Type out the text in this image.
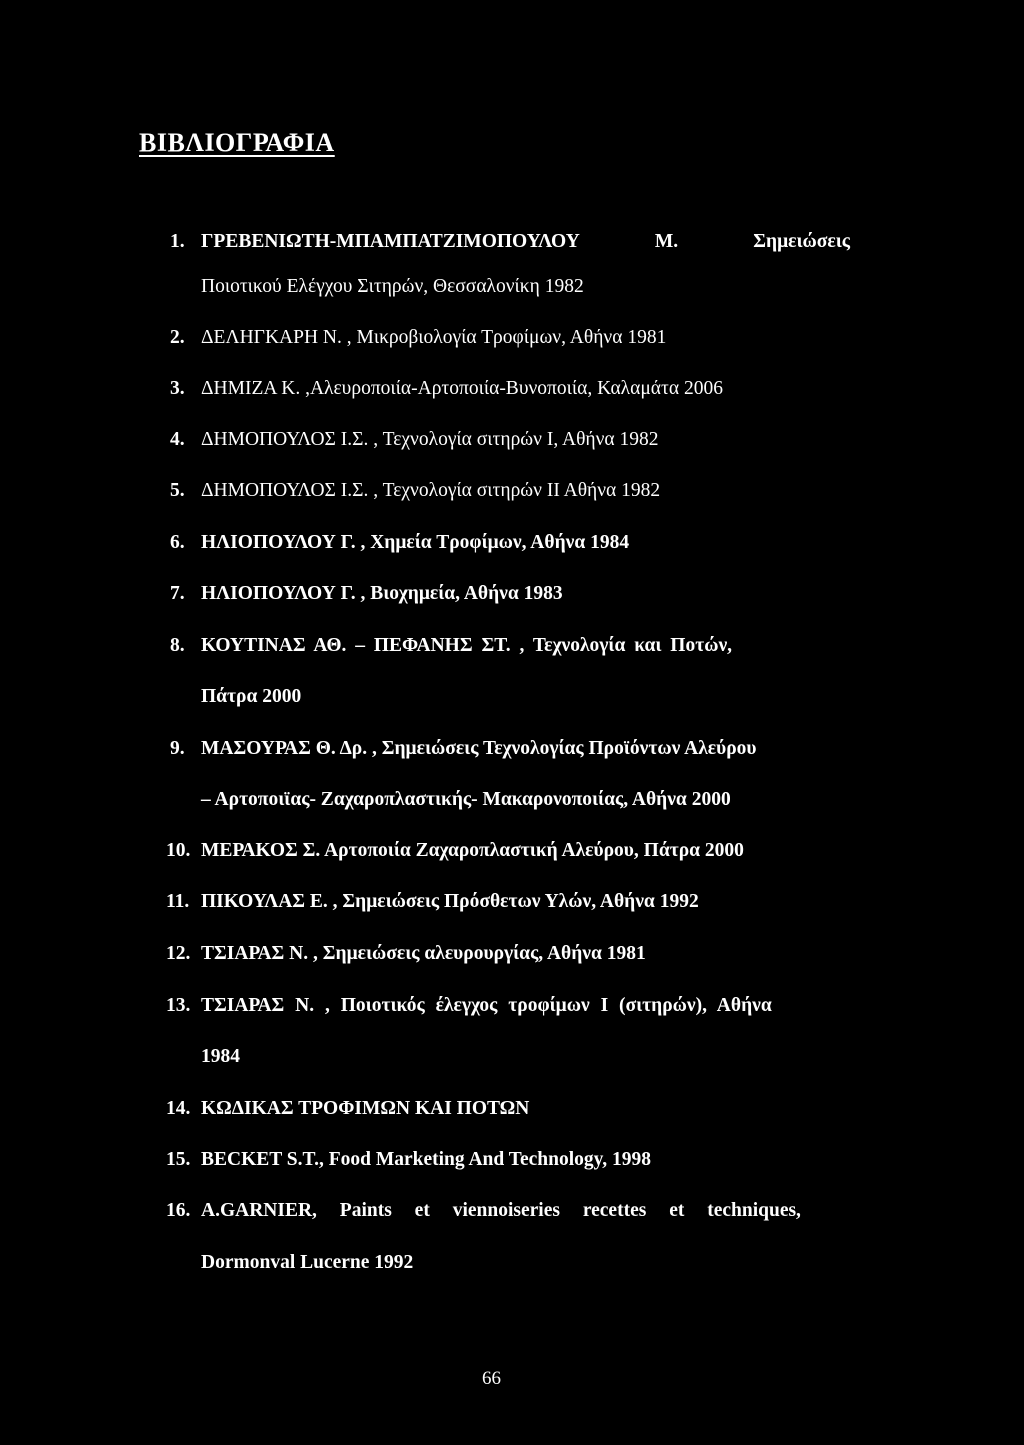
ΒΙΒΛΙΟΓΡΑΦΙΑ
1. ΓΡΕΒΕΝΙΩΤΗ-ΜΠΑΜΠΑΤΖΙΜΟΠΟΥΛΟΥ	Μ.	Σημειώσεις
Ποιοτικού Ελέγχου Σιτηρών, Θεσσαλονίκη 1982
2. ΔΕΛΗΓΚΑΡΗ Ν. , Μικροβιολογία Τροφίμων, Αθήνα 1981
3. ΔΗΜΙΖΑ Κ. ,Αλευροποιία-Αρτοποιία-Βυνοποιία, Καλαμάτα 2006
4. ΔΗΜΟΠΟΥΛΟΣ Ι.Σ. , Τεχνολογία σιτηρών Ι, Αθήνα 1982
5. ΔΗΜΟΠΟΥΛΟΣ Ι.Σ. , Τεχνολογία σιτηρών ΙΙ Αθήνα 1982
6. ΗΛΙΟΠΟΥΛΟΥ Γ. , Χημεία Τροφίμων, Αθήνα 1984
7. ΗΛΙΟΠΟΥΛΟΥ Γ. , Βιοχημεία, Αθήνα 1983
8. ΚΟΥΤΙΝΑΣ ΑΘ. – ΠΕΦΑΝΗΣ ΣΤ. , Τεχνολογία και Ποτών,
Πάτρα 2000
9. ΜΑΣΟΥΡΑΣ Θ. Δρ. , Σημειώσεις Τεχνολογίας Προϊόντων Αλεύρου
– Αρτοποιϊας- Ζαχαροπλαστικής- Μακαρονοποιίας, Αθήνα 2000
10. ΜΕΡΑΚΟΣ Σ. Αρτοποιία Ζαχαροπλαστική Αλεύρου, Πάτρα 2000
11. ΠΙΚΟΥΛΑΣ Ε. , Σημειώσεις Πρόσθετων Υλών, Αθήνα 1992
12. ΤΣΙΑΡΑΣ Ν. , Σημειώσεις αλευρουργίας, Αθήνα 1981
13. ΤΣΙΑΡΑΣ Ν. , Ποιοτικός έλεγχος τροφίμων Ι (σιτηρών), Αθήνα
1984
14. ΚΩΔΙΚΑΣ ΤΡΟΦΙΜΩΝ ΚΑΙ ΠΟΤΩΝ
15. BECKET S.T., Food Marketing And Technology, 1998
16. A.GARNIER, Paints et viennoiseries recettes et techniques,
Dormonval Lucerne 1992
66
